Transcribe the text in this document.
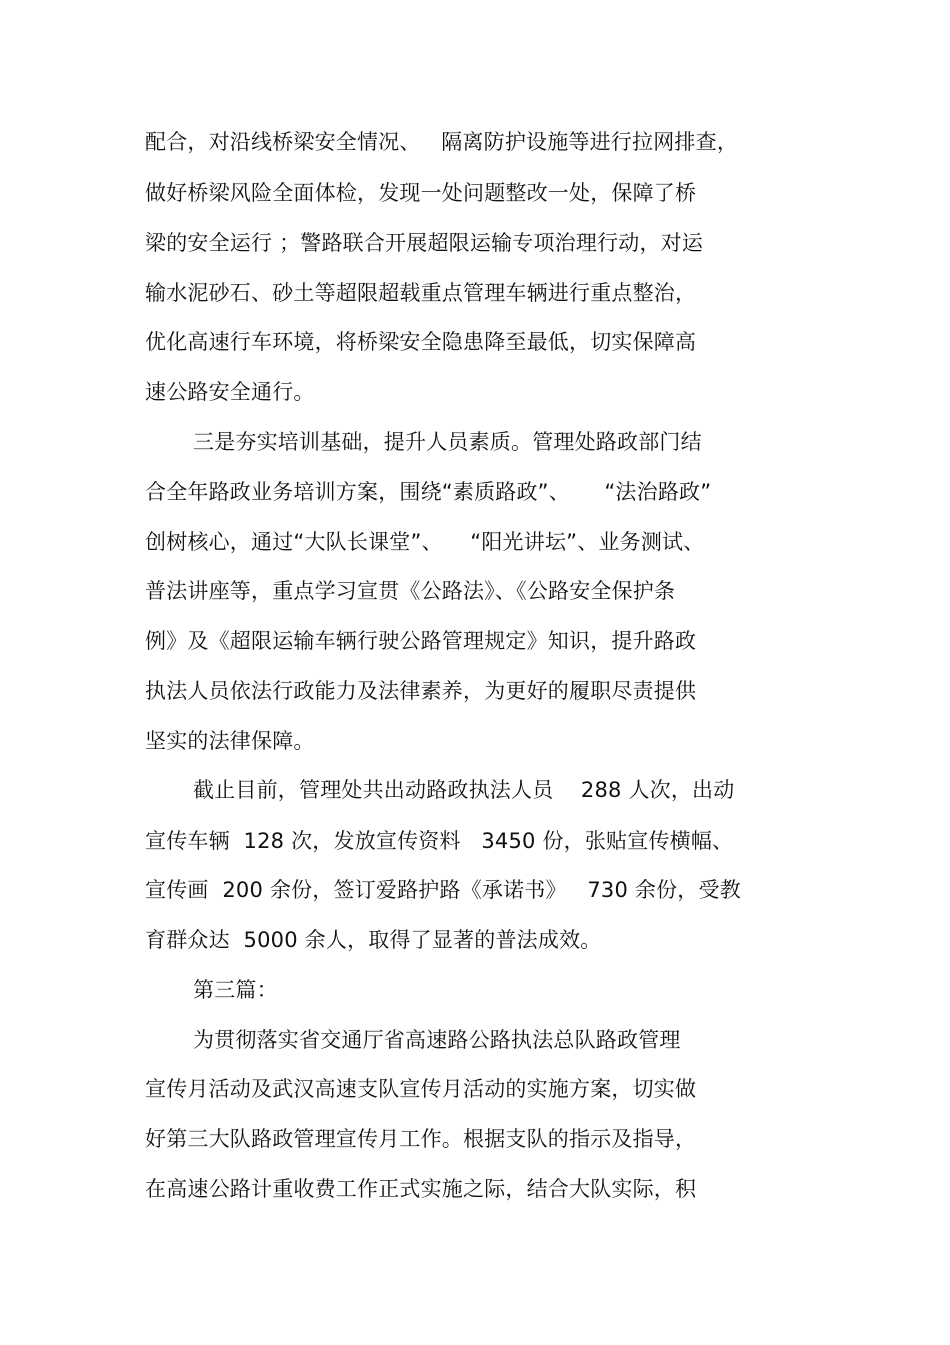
配合，对沿线桥梁安全情况、   隔离防护设施等进行拉网排查，
做好桥梁风险全面体检，发现一处问题整改一处，保障了桥
梁的安全运行 ；警路联合开展超限运输专项治理行动，对运
输水泥砂石、砂土等超限超载重点管理车辆进行重点整治，
优化高速行车环境，将桥梁安全隐患降至最低，切实保障高
速公路安全通行。
三是夯实培训基础，提升人员素质。管理处路政部门结
合全年路政业务培训方案，围绕“素质路政”、     “法治路政”
创树核心，通过“大队长课堂”、    “阳光讲坛”、业务测试、
普法讲座等，重点学习宣贯《公路法》、《公路安全保护条
例》及《超限运输车辆行驶公路管理规定》知识，提升路政
执法人员依法行政能力及法律素养，为更好的履职尽责提供
坚实的法律保障。
截止目前，管理处共出动路政执法人员    288 人次，出动
宣传车辆  128 次，发放宣传资料   3450 份，张贴宣传横幅、
宣传画  200 余份，签订爱路护路《承诺书》   730 余份，受教
育群众达  5000 余人，取得了显著的普法成效。
第三篇：
为贯彻落实省交通厅省高速路公路执法总队路政管理
宣传月活动及武汉高速支队宣传月活动的实施方案，切实做
好第三大队路政管理宣传月工作。根据支队的指示及指导，
在高速公路计重收费工作正式实施之际，结合大队实际，积
